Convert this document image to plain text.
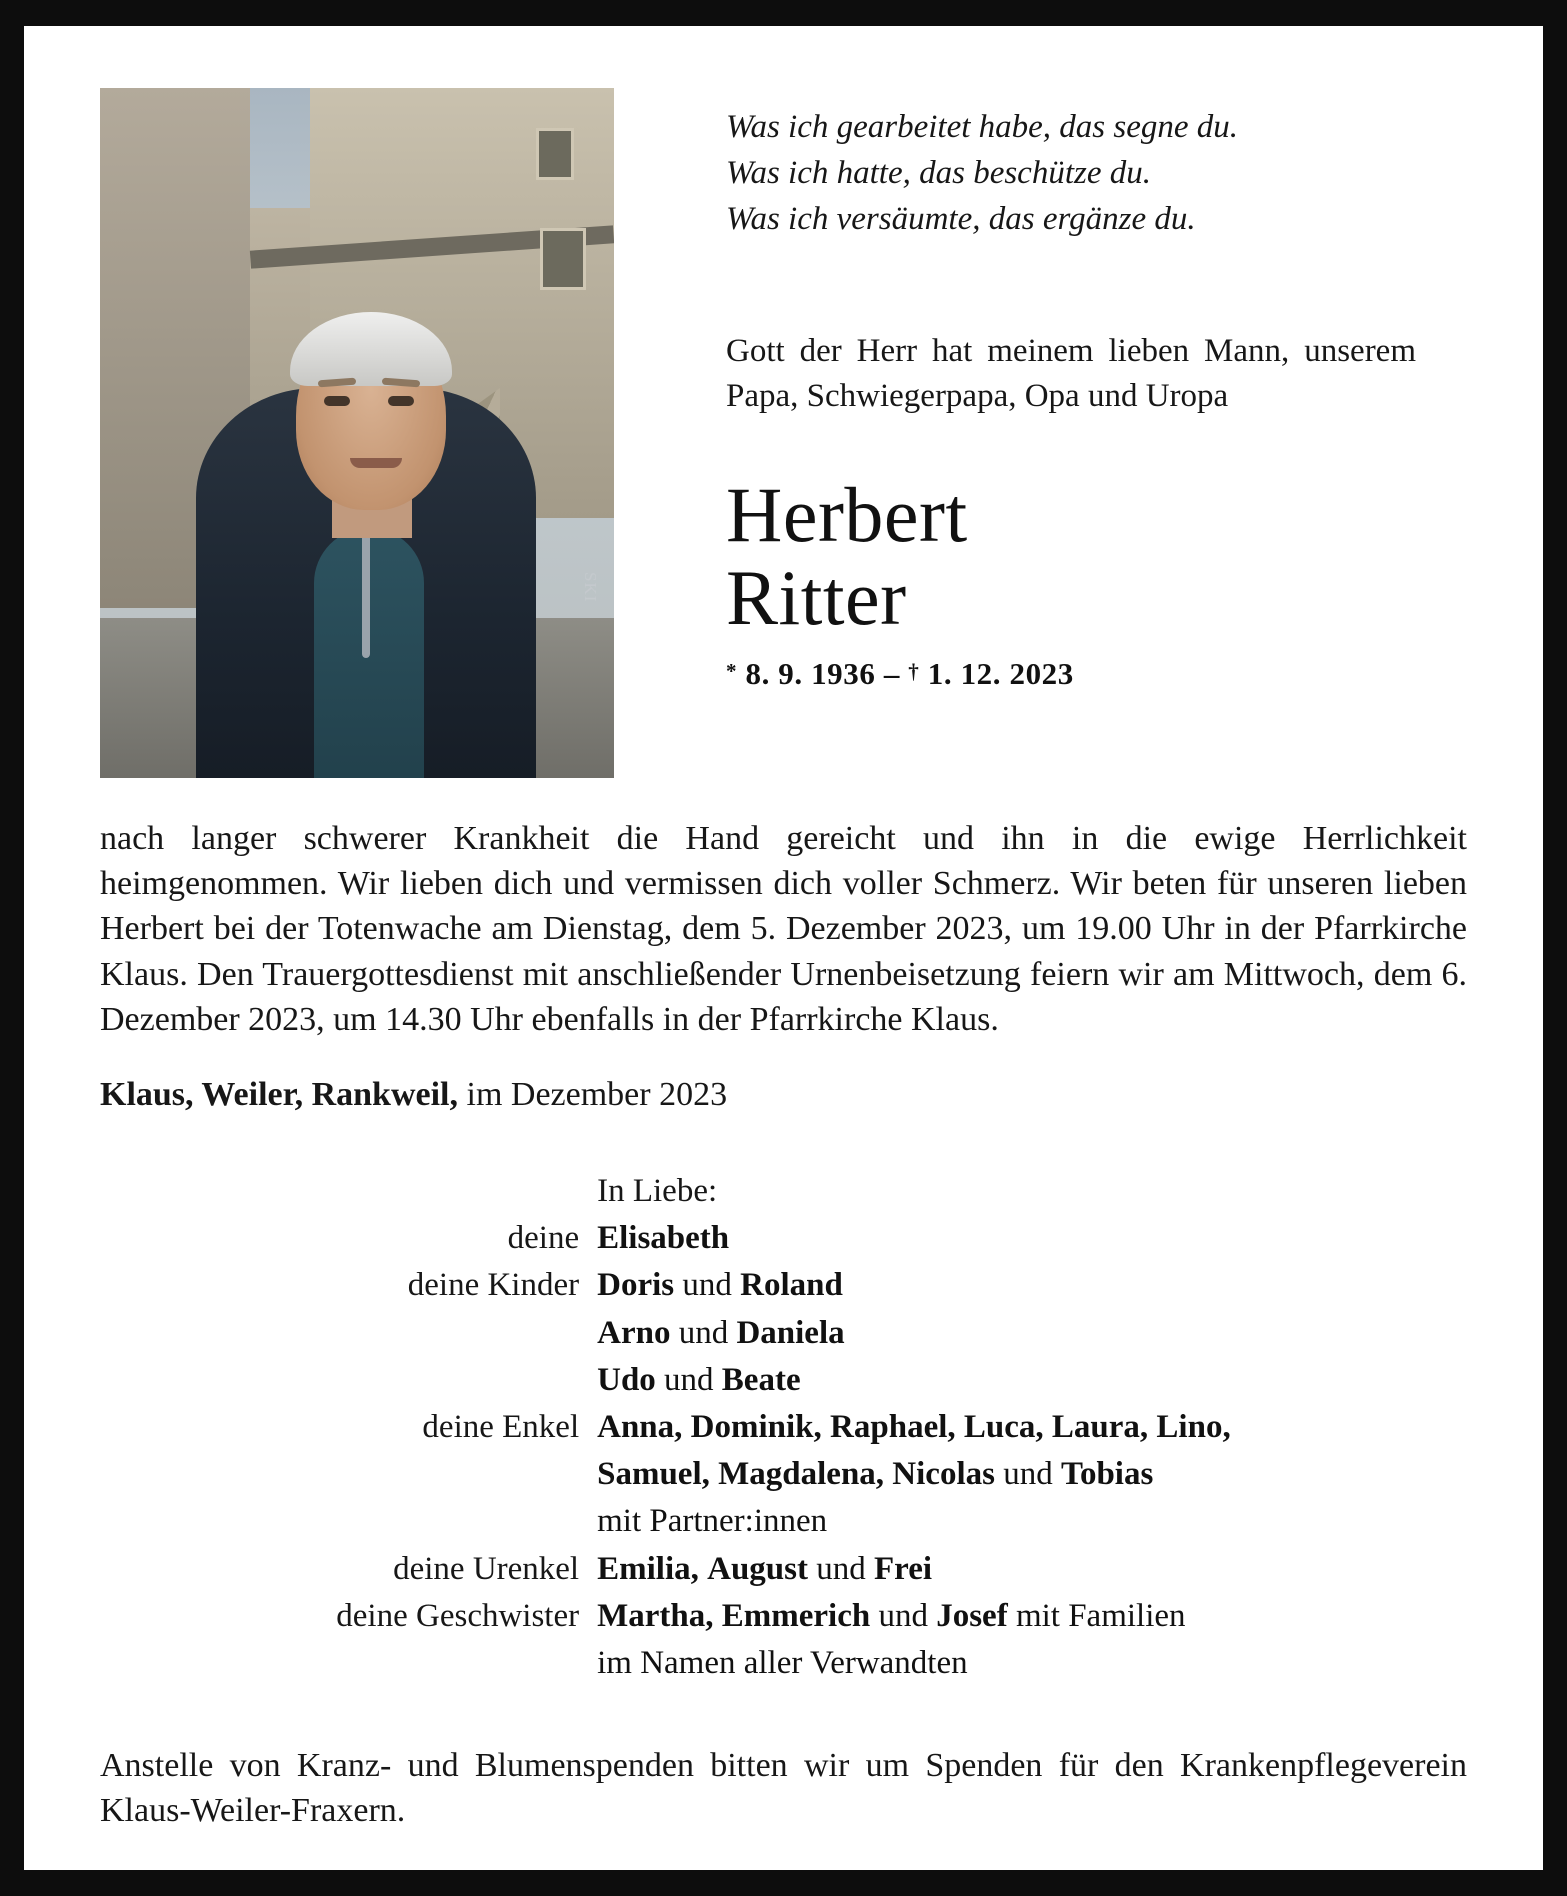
SKI
Was ich gearbeitet habe, das segne du.
Was ich hatte, das beschütze du.
Was ich versäumte, das ergänze du.
Gott der Herr hat meinem lieben Mann, unserem Papa, Schwiegerpapa, Opa und Uropa
Herbert
Ritter
* 8. 9. 1936 – † 1. 12. 2023
nach langer schwerer Krankheit die Hand gereicht und ihn in die ewige Herrlichkeit heimgenommen. Wir lieben dich und vermissen dich voller Schmerz. Wir beten für unseren lieben Herbert bei der Totenwache am Dienstag, dem 5. Dezember 2023, um 19.00 Uhr in der Pfarrkirche Klaus. Den Trauergottesdienst mit anschließender Urnenbeisetzung feiern wir am Mittwoch, dem 6. Dezember 2023, um 14.30 Uhr ebenfalls in der Pfarrkirche Klaus.
Klaus, Weiler, Rankweil, im Dezember 2023
In Liebe:
deine Elisabeth
deine Kinder Doris und Roland
Arno und Daniela
Udo und Beate
deine Enkel Anna, Dominik, Raphael, Luca, Laura, Lino,
Samuel, Magdalena, Nicolas und Tobias
mit Partner:innen
deine Urenkel Emilia, August und Frei
deine Geschwister Martha, Emmerich und Josef mit Familien
im Namen aller Verwandten
Anstelle von Kranz- und Blumenspenden bitten wir um Spenden für den Krankenpflegeverein Klaus-Weiler-Fraxern.
